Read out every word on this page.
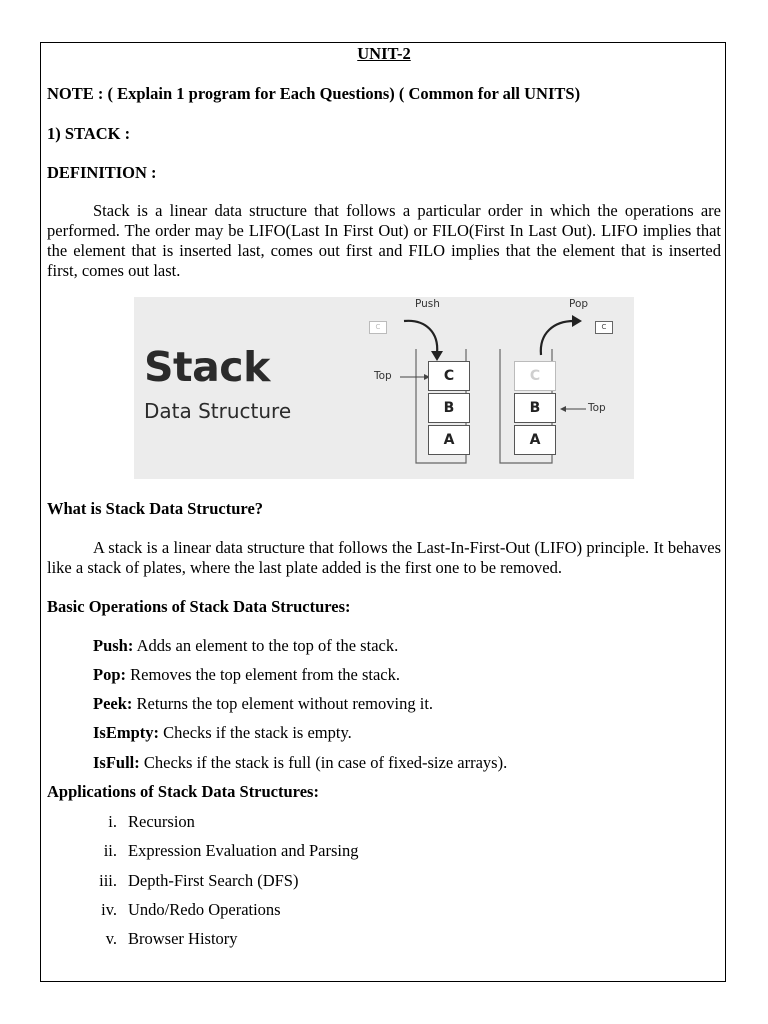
UNIT-2
NOTE : ( Explain 1 program for Each Questions) ( Common for all UNITS)
1) STACK :
DEFINITION :
Stack is a linear data structure that follows a particular order in which the operations are performed. The order may be LIFO(Last In First Out) or FILO(First In Last Out). LIFO implies that the element that is inserted last, comes out first and FILO implies that the element that is inserted first, comes out last.
Stack
Data Structure
Push	Pop
Top
Top
C	C
C
B
A
C
B
A
What is Stack Data Structure?
A stack is a linear data structure that follows the Last-In-First-Out (LIFO) principle. It behaves like a stack of plates, where the last plate added is the first one to be removed.
Basic Operations of Stack Data Structures:
Push: Adds an element to the top of the stack.
Pop: Removes the top element from the stack.
Peek: Returns the top element without removing it.
IsEmpty: Checks if the stack is empty.
IsFull: Checks if the stack is full (in case of fixed-size arrays).
Applications of Stack Data Structures:
i. Recursion
ii. Expression Evaluation and Parsing
iii. Depth-First Search (DFS)
iv. Undo/Redo Operations
v. Browser History
